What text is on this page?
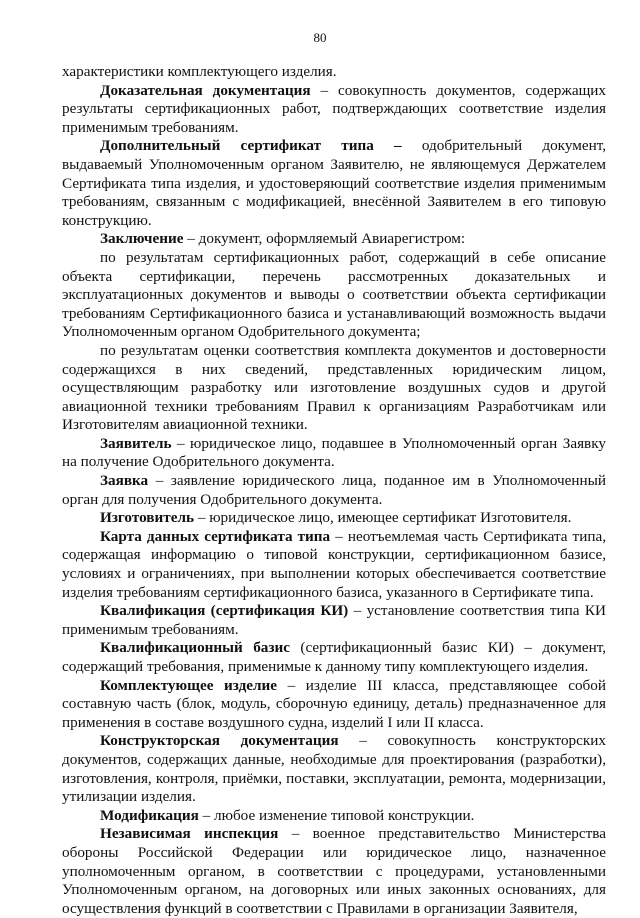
80

характеристики комплектующего изделия.

Доказательная документация – совокупность документов, содержащих результаты сертификационных работ, подтверждающих соответствие изделия применимым требованиям.

Дополнительный сертификат типа – одобрительный документ, выдаваемый Уполномоченным органом Заявителю, не являющемуся Держателем Сертификата типа изделия, и удостоверяющий соответствие изделия применимым требованиям, связанным с модификацией, внесённой Заявителем в его типовую конструкцию.

Заключение – документ, оформляемый Авиарегистром:

по результатам сертификационных работ, содержащий в себе описание объекта сертификации, перечень рассмотренных доказательных и эксплуатационных документов и выводы о соответствии объекта сертификации требованиям Сертификационного базиса и устанавливающий возможность выдачи Уполномоченным органом Одобрительного документа;

по результатам оценки соответствия комплекта документов и достоверности содержащихся в них сведений, представленных юридическим лицом, осуществляющим разработку или изготовление воздушных судов и другой авиационной техники требованиям Правил к организациям Разработчикам или Изготовителям авиационной техники.

Заявитель – юридическое лицо, подавшее в Уполномоченный орган Заявку на получение Одобрительного документа.

Заявка – заявление юридического лица, поданное им в Уполномоченный орган для получения Одобрительного документа.

Изготовитель – юридическое лицо, имеющее сертификат Изготовителя.

Карта данных сертификата типа – неотъемлемая часть Сертификата типа, содержащая информацию о типовой конструкции, сертификационном базисе, условиях и ограничениях, при выполнении которых обеспечивается соответствие изделия требованиям сертификационного базиса, указанного в Сертификате типа.

Квалификация (сертификация КИ) – установление соответствия типа КИ применимым требованиям.

Квалификационный базис (сертификационный базис КИ) – документ, содержащий требования, применимые к данному типу комплектующего изделия.

Комплектующее изделие – изделие III класса, представляющее собой составную часть (блок, модуль, сборочную единицу, деталь) предназначенное для применения в составе воздушного судна, изделий I или II класса.

Конструкторская документация – совокупность конструкторских документов, содержащих данные, необходимые для проектирования (разработки), изготовления, контроля, приёмки, поставки, эксплуатации, ремонта, модернизации, утилизации изделия.

Модификация – любое изменение типовой конструкции.

Независимая инспекция – военное представительство Министерства обороны Российской Федерации или юридическое лицо, назначенное уполномоченным органом, в соответствии с процедурами, установленными Уполномоченным органом, на договорных или иных законных основаниях, для осуществления функций в соответствии с Правилами в организации Заявителя,
